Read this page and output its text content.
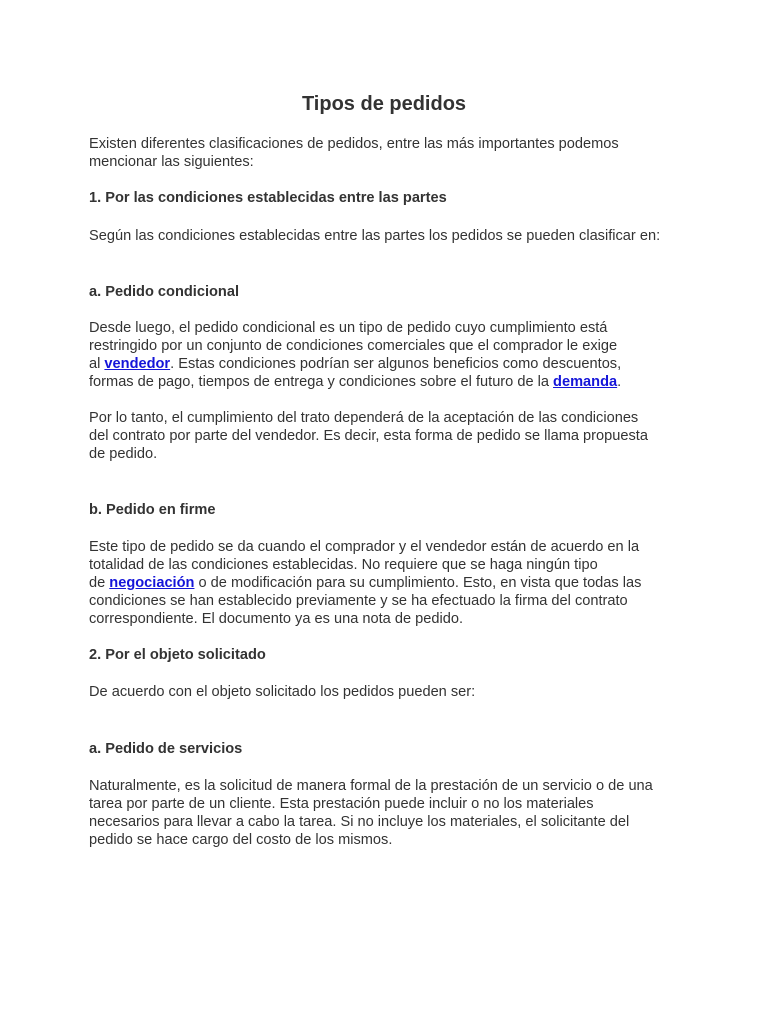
Tipos de pedidos

Existen diferentes clasificaciones de pedidos, entre las más importantes podemos
mencionar las siguientes:

1. Por las condiciones establecidas entre las partes

Según las condiciones establecidas entre las partes los pedidos se pueden clasificar en:

a. Pedido condicional

Desde luego, el pedido condicional es un tipo de pedido cuyo cumplimiento está
restringido por un conjunto de condiciones comerciales que el comprador le exige
al vendedor. Estas condiciones podrían ser algunos beneficios como descuentos,
formas de pago, tiempos de entrega y condiciones sobre el futuro de la demanda.

Por lo tanto, el cumplimiento del trato dependerá de la aceptación de las condiciones
del contrato por parte del vendedor. Es decir, esta forma de pedido se llama propuesta
de pedido.

b. Pedido en firme

Este tipo de pedido se da cuando el comprador y el vendedor están de acuerdo en la
totalidad de las condiciones establecidas. No requiere que se haga ningún tipo
de negociación o de modificación para su cumplimiento. Esto, en vista que todas las
condiciones se han establecido previamente y se ha efectuado la firma del contrato
correspondiente. El documento ya es una nota de pedido.

2. Por el objeto solicitado

De acuerdo con el objeto solicitado los pedidos pueden ser:

a. Pedido de servicios

Naturalmente, es la solicitud de manera formal de la prestación de un servicio o de una
tarea por parte de un cliente. Esta prestación puede incluir o no los materiales
necesarios para llevar a cabo la tarea. Si no incluye los materiales, el solicitante del
pedido se hace cargo del costo de los mismos.
